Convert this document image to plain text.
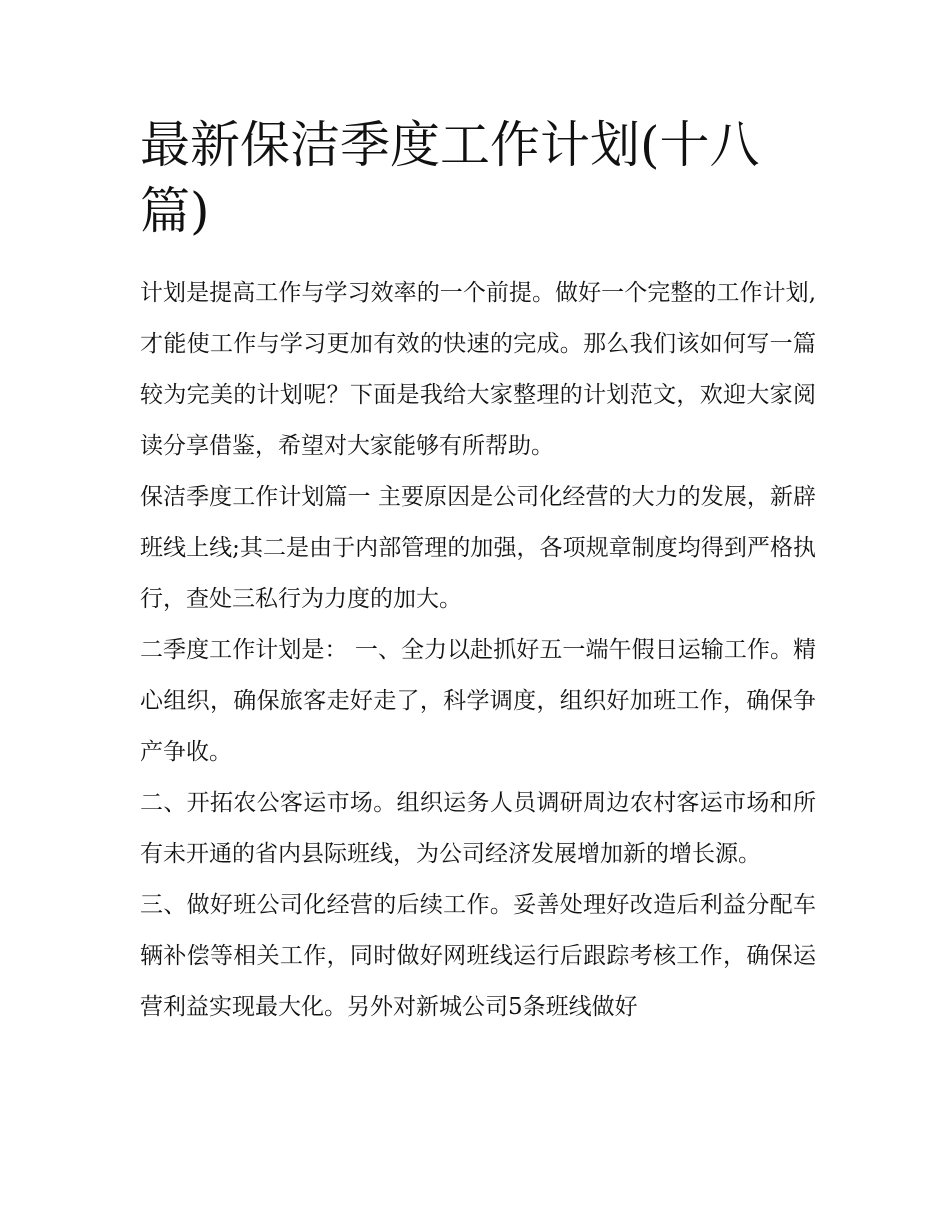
最新保洁季度工作计划(十八篇)

计划是提高工作与学习效率的一个前提。做好一个完整的工作计划,才能使工作与学习更加有效的快速的完成。那么我们该如何写一篇较为完美的计划呢？下面是我给大家整理的计划范文，欢迎大家阅读分享借鉴，希望对大家能够有所帮助。

保洁季度工作计划篇一 主要原因是公司化经营的大力的发展，新辟班线上线;其二是由于内部管理的加强，各项规章制度均得到严格执行，查处三私行为力度的加大。

二季度工作计划是： 一、全力以赴抓好五一端午假日运输工作。精心组织，确保旅客走好走了，科学调度，组织好加班工作，确保争产争收。

二、开拓农公客运市场。组织运务人员调研周边农村客运市场和所有未开通的省内县际班线，为公司经济发展增加新的增长源。

三、做好班公司化经营的后续工作。妥善处理好改造后利益分配车辆补偿等相关工作，同时做好网班线运行后跟踪考核工作，确保运营利益实现最大化。另外对新城公司5条班线做好
